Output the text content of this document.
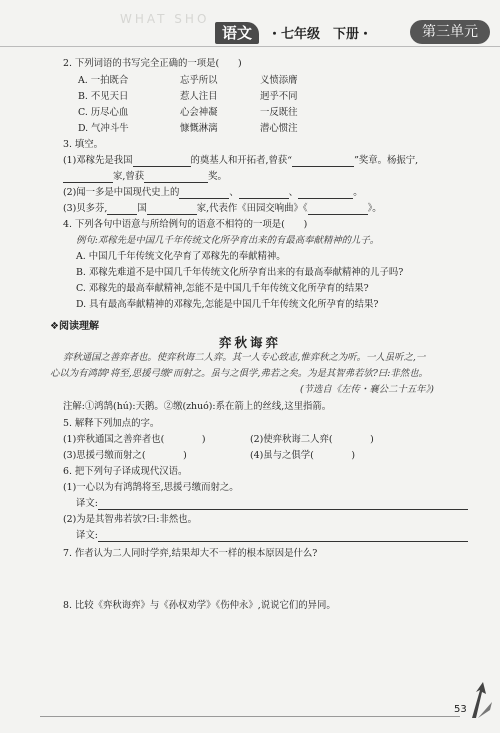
WHAT SHO
语文	・七年级　下册・	第三单元
2. 下列词语的书写完全正确的一项是(　　)
A. 一拍既合	忘乎所以	义愤添膺
B. 不见天日	惹人注目	迥乎不同
C. 历尽心血	心会神凝	一反既往
D. 气冲斗牛	慷慨淋漓	潜心惯注
3. 填空。
(1)邓稼先是我国	的奠基人和开拓者,曾获“	”奖章。杨振宁,
家,曾获	奖。
(2)闻一多是中国现代史上的	、	、	。
(3)贝多芬,	国	家,代表作《田园交响曲》《	》。
4. 下列各句中语意与所给例句的语意不相符的一项是(　　)
例句:邓稼先是中国几千年传统文化所孕育出来的有最高奉献精神的儿子。
A. 中国几千年传统文化孕育了邓稼先的奉献精神。
B. 邓稼先难道不是中国几千年传统文化所孕育出来的有最高奉献精神的儿子吗?
C. 邓稼先的最高奉献精神,怎能不是中国几千年传统文化所孕育的结果?
D. 具有最高奉献精神的邓稼先,怎能是中国几千年传统文化所孕育的结果?
❖阅读理解
弈秋诲弈
弈秋通国之善弈者也。使弈秋诲二人弈。其一人专心致志,惟弈秋之为听。一人虽听之,一
心以为有鸿鹄¹将至,思援弓缴²而射之。虽与之俱学,弗若之矣。为是其智弗若欤?曰:非然也。
(节选自《左传・襄公二十五年》)
注解:①鸿鹄(hú):天鹅。②缴(zhuó):系在箭上的丝线,这里指箭。
5. 解释下列加点的字。
(1)弈秋通国之善弈者也(　　　　)	(2)使弈秋诲二人弈(　　　　)
(3)思援弓缴而射之(　　　　)	(4)虽与之俱学(　　　　)
6. 把下列句子译成现代汉语。
(1)一心以为有鸿鹄将至,思援弓缴而射之。
译文:
(2)为是其智弗若欤?曰:非然也。
译文:
7. 作者认为二人同时学弈,结果却大不一样的根本原因是什么?
8. 比较《弈秋诲弈》与《孙权劝学》《伤仲永》,说说它们的异同。
53
